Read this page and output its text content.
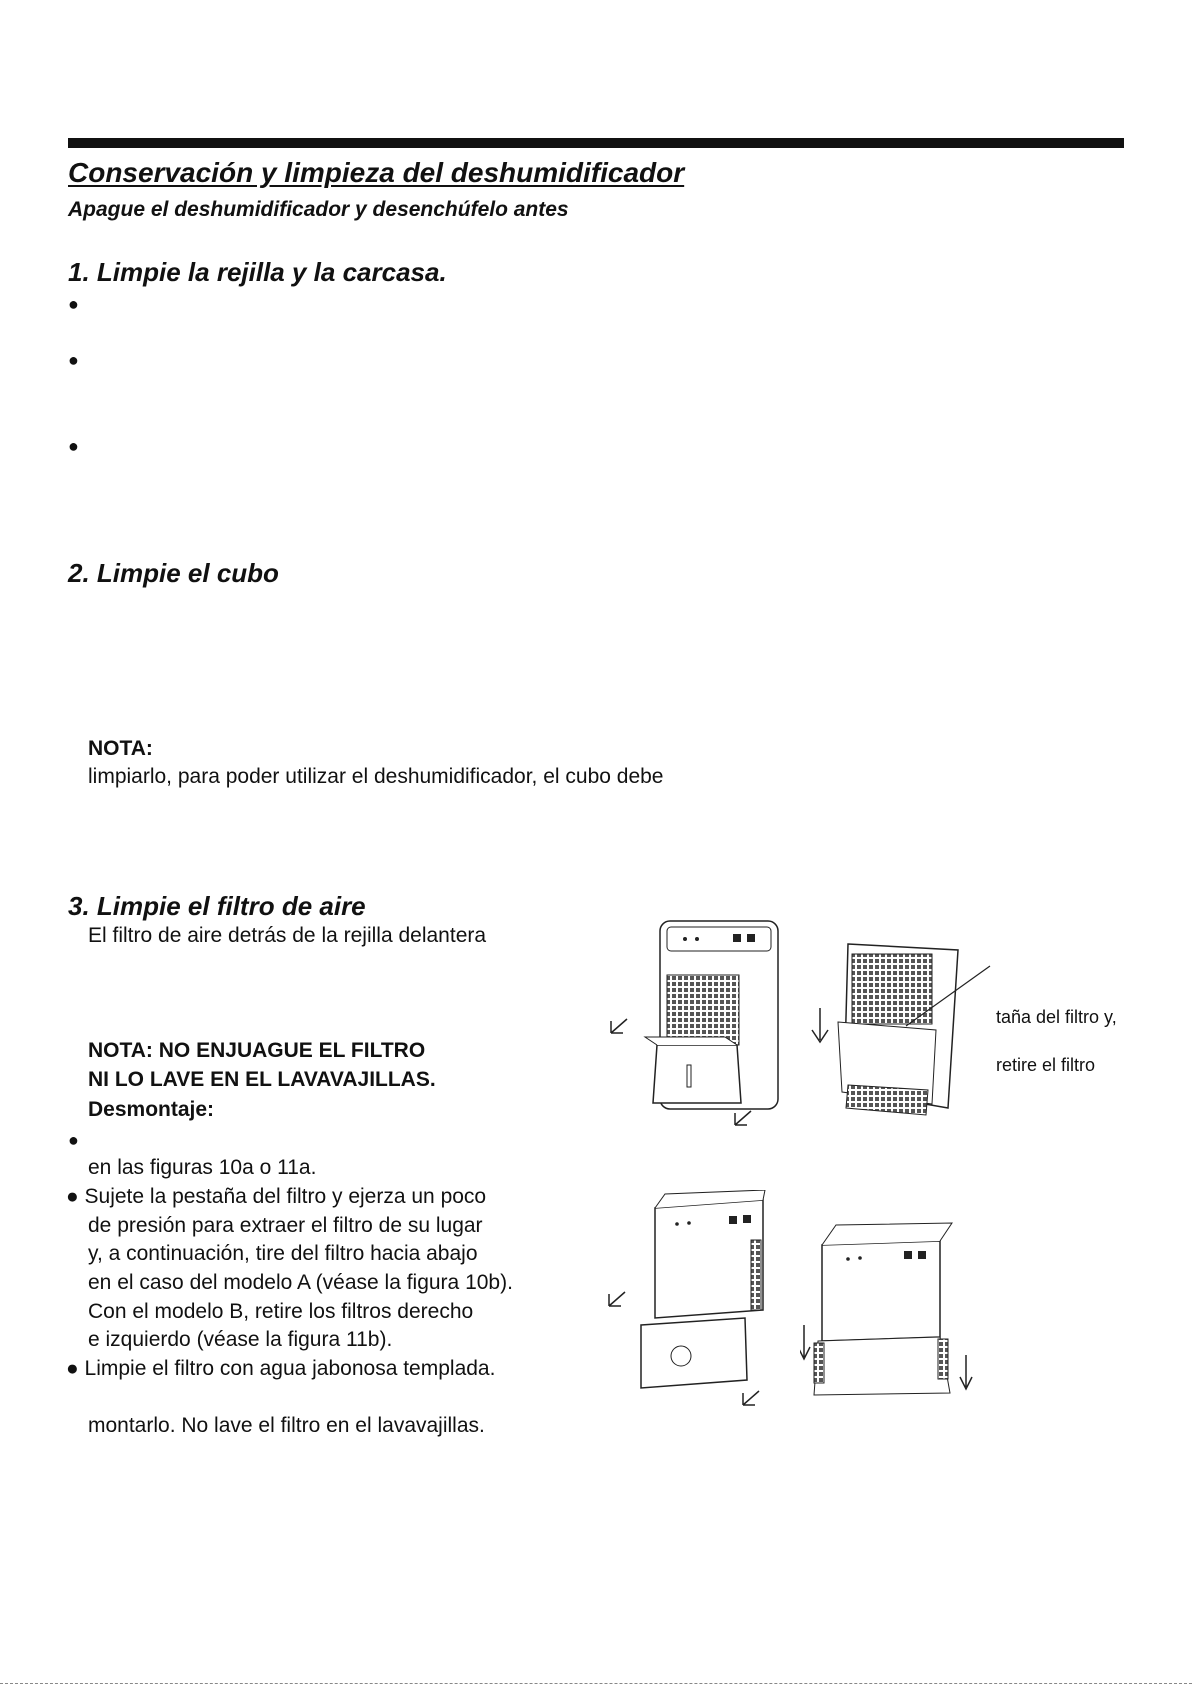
Conservación y limpieza del deshumidificador
Apague el deshumidificador y desenchúfelo antes
1. Limpie la rejilla y la carcasa.
●
●
●
2. Limpie el cubo
NOTA:
limpiarlo, para poder utilizar el deshumidificador, el cubo debe
3. Limpie el filtro de aire
El filtro de aire detrás de la rejilla delantera
NOTA: NO ENJUAGUE EL FILTRO
NI LO LAVE EN EL LAVAVAJILLAS.
Desmontaje:
●
en las figuras 10a o 11a.
● Sujete la pestaña del filtro y ejerza un poco
de presión para extraer el filtro de su lugar
y, a continuación, tire del filtro hacia abajo
en el caso del modelo A (véase la figura 10b).
Con el modelo B, retire los filtros derecho
e izquierdo (véase la figura 11b).
● Limpie el filtro con agua jabonosa templada.
montarlo. No lave el filtro en el lavavajillas.
taña del filtro y,
retire el filtro
